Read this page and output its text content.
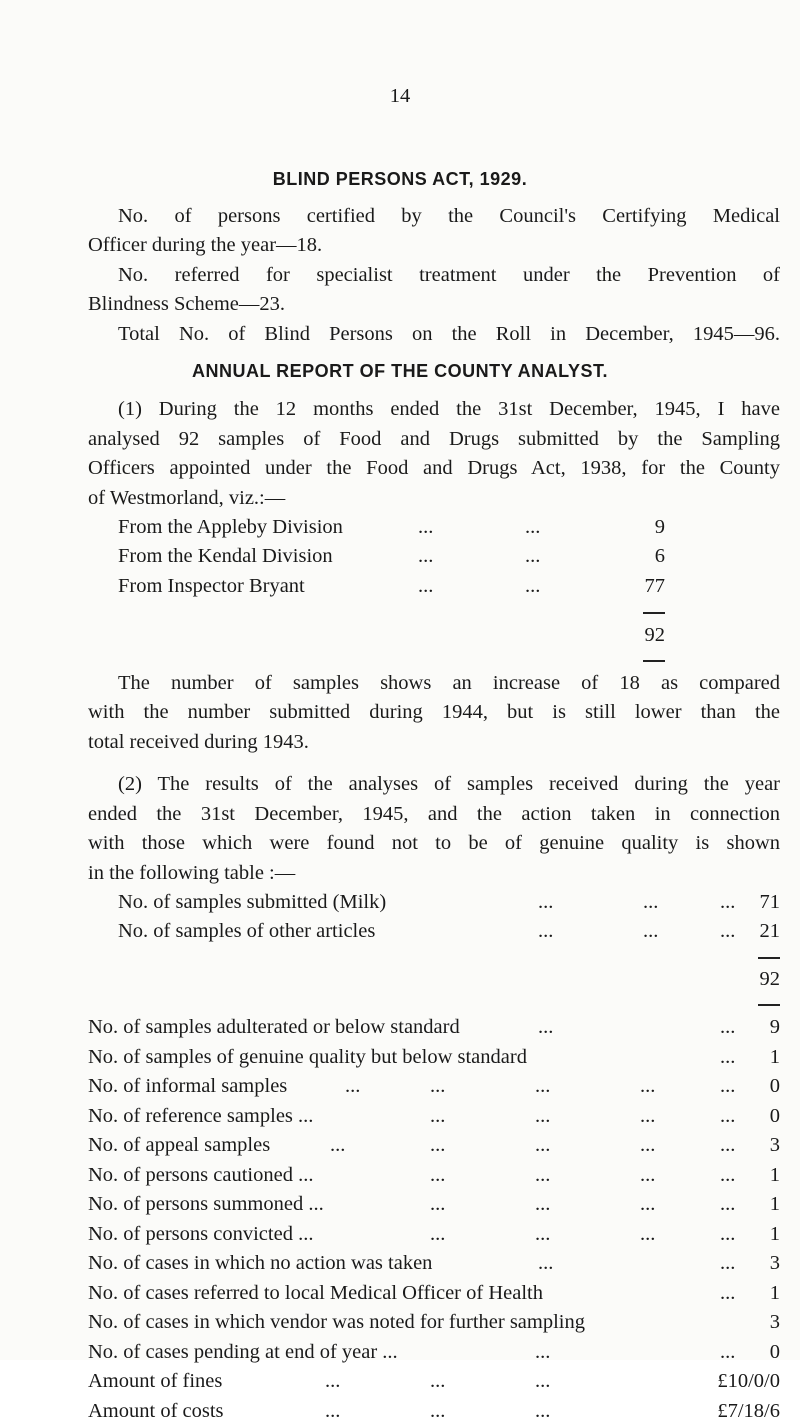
14
BLIND PERSONS ACT, 1929.
No. of persons certified by the Council's Certifying Medical
Officer during the year—18.
No. referred for specialist treatment under the Prevention of
Blindness Scheme—23.
Total No. of Blind Persons on the Roll in December, 1945—96.
ANNUAL REPORT OF THE COUNTY ANALYST.
(1) During the 12 months ended the 31st December, 1945, I have
analysed 92 samples of Food and Drugs submitted by the Sampling
Officers appointed under the Food and Drugs Act, 1938, for the County
of Westmorland, viz.:—
From the Appleby Division	...	...	9
From the Kendal Division	...	...	6
From Inspector Bryant	...	...	77
92
The number of samples shows an increase of 18 as compared
with the number submitted during 1944, but is still lower than the
total received during 1943.
(2) The results of the analyses of samples received during the year
ended the 31st December, 1945, and the action taken in connection
with those which were found not to be of genuine quality is shown
in the following table :—
No. of samples submitted (Milk)	...	...	... 71
No. of samples of other articles	...	...	... 21
92
No. of samples adulterated or below standard	...	... 9
No. of samples of genuine quality but below standard	... 1
No. of informal samples	...	...	...	...	... 0
No. of reference samples ...	...	...	...	... 0
No. of appeal samples	...	...	...	...	... 3
No. of persons cautioned ...	...	...	...	... 1
No. of persons summoned ...	...	...	...	... 1
No. of persons convicted ...	...	...	...	... 1
No. of cases in which no action was taken	...	... 3
No. of cases referred to local Medical Officer of Health	... 1
No. of cases in which vendor was noted for further sampling	3
No. of cases pending at end of year ...	...	... 0
Amount of fines	...	...	...	£10/0/0
Amount of costs	...	...	...	£7/18/6
